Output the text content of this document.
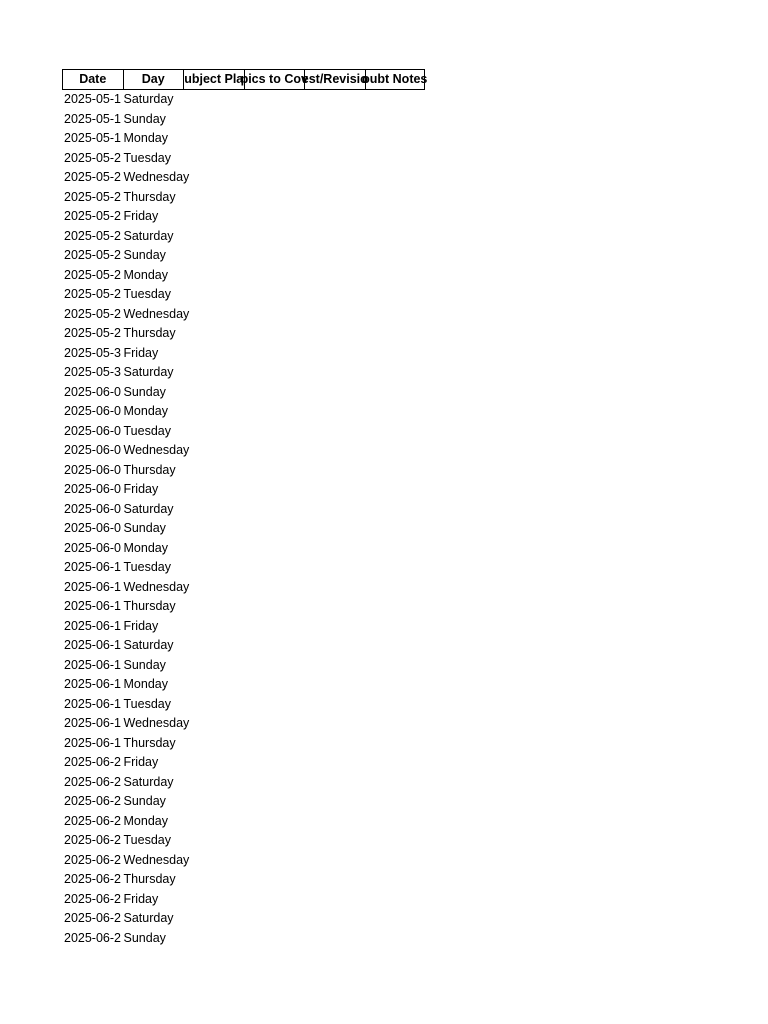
Date	Day ubject Pla
pics to Cov
est/Revisio
oubt Notes
2025-05-1 Saturday
2025-05-1 Sunday
2025-05-1 Monday
2025-05-2 Tuesday
2025-05-2 Wednesday
2025-05-2 Thursday
2025-05-2 Friday
2025-05-2 Saturday
2025-05-2 Sunday
2025-05-2 Monday
2025-05-2 Tuesday
2025-05-2 Wednesday
2025-05-2 Thursday
2025-05-3 Friday
2025-05-3 Saturday
2025-06-0 Sunday
2025-06-0 Monday
2025-06-0 Tuesday
2025-06-0 Wednesday
2025-06-0 Thursday
2025-06-0 Friday
2025-06-0 Saturday
2025-06-0 Sunday
2025-06-0 Monday
2025-06-1 Tuesday
2025-06-1 Wednesday
2025-06-1 Thursday
2025-06-1 Friday
2025-06-1 Saturday
2025-06-1 Sunday
2025-06-1 Monday
2025-06-1 Tuesday
2025-06-1 Wednesday
2025-06-1 Thursday
2025-06-2 Friday
2025-06-2 Saturday
2025-06-2 Sunday
2025-06-2 Monday
2025-06-2 Tuesday
2025-06-2 Wednesday
2025-06-2 Thursday
2025-06-2 Friday
2025-06-2 Saturday
2025-06-2 Sunday
